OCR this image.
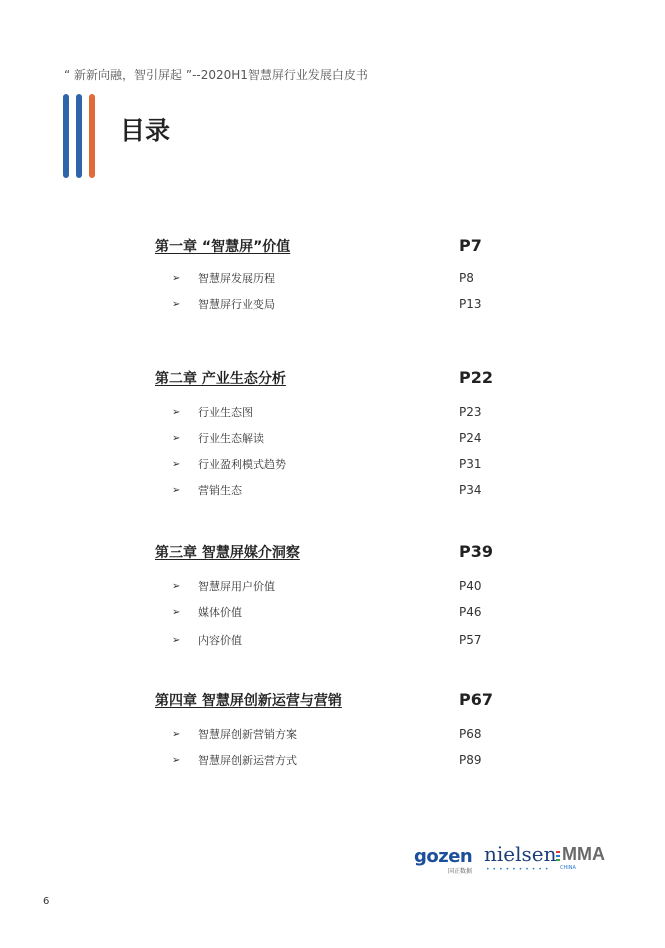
“ 新新向融，智引屏起 ”--2020H1智慧屏行业发展白皮书
目录
第一章 “智慧屏”价值	P7
➢	智慧屏发展历程	P8
➢	智慧屏行业变局	P13
第二章 产业生态分析	P22
➢	行业生态图	P23
➢	行业生态解读	P24
➢	行业盈利模式趋势	P31
➢	营销生态	P34
第三章 智慧屏媒介洞察	P39
➢	智慧屏用户价值	P40
➢	媒体价值	P46
➢	内容价值	P57
第四章 智慧屏创新运营与营销	P67
➢	智慧屏创新营销方案	P68
➢	智慧屏创新运营方式	P89
gozen
国正数据
nielsen
••••••••••
MMA
CHINA
6
